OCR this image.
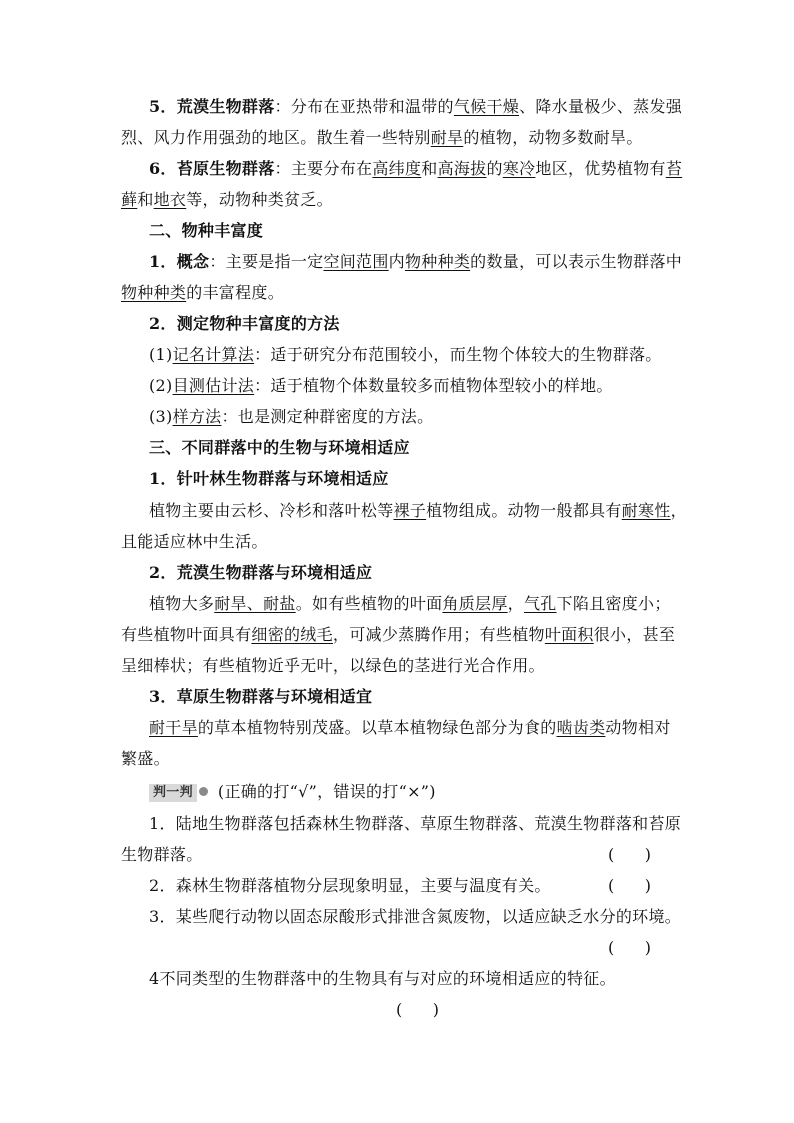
5．荒漠生物群落：分布在亚热带和温带的气候干燥、降水量极少、蒸发强
烈、风力作用强劲的地区。散生着一些特别耐旱的植物，动物多数耐旱。
6．苔原生物群落：主要分布在高纬度和高海拔的寒冷地区，优势植物有苔
藓和地衣等，动物种类贫乏。
二、物种丰富度
1．概念：主要是指一定空间范围内物种种类的数量，可以表示生物群落中
物种种类的丰富程度。
2．测定物种丰富度的方法
(1)记名计算法：适于研究分布范围较小，而生物个体较大的生物群落。
(2)目测估计法：适于植物个体数量较多而植物体型较小的样地。
(3)样方法：也是测定种群密度的方法。
三、不同群落中的生物与环境相适应
1．针叶林生物群落与环境相适应
植物主要由云杉、冷杉和落叶松等裸子植物组成。动物一般都具有耐寒性，
且能适应林中生活。
2．荒漠生物群落与环境相适应
植物大多耐旱、耐盐。如有些植物的叶面角质层厚，气孔下陷且密度小；
有些植物叶面具有细密的绒毛，可减少蒸腾作用；有些植物叶面积很小，甚至
呈细棒状；有些植物近乎无叶，以绿色的茎进行光合作用。
3．草原生物群落与环境相适宜
耐干旱的草本植物特别茂盛。以草本植物绿色部分为食的啮齿类动物相对
繁盛。
判一判 (正确的打“√”，错误的打“×”)
1．陆地生物群落包括森林生物群落、草原生物群落、荒漠生物群落和苔原
生物群落。	(      )
2．森林生物群落植物分层现象明显，主要与温度有关。	(      )
3．某些爬行动物以固态尿酸形式排泄含氮废物，以适应缺乏水分的环境。
(      )
4不同类型的生物群落中的生物具有与对应的环境相适应的特征。
(      )
